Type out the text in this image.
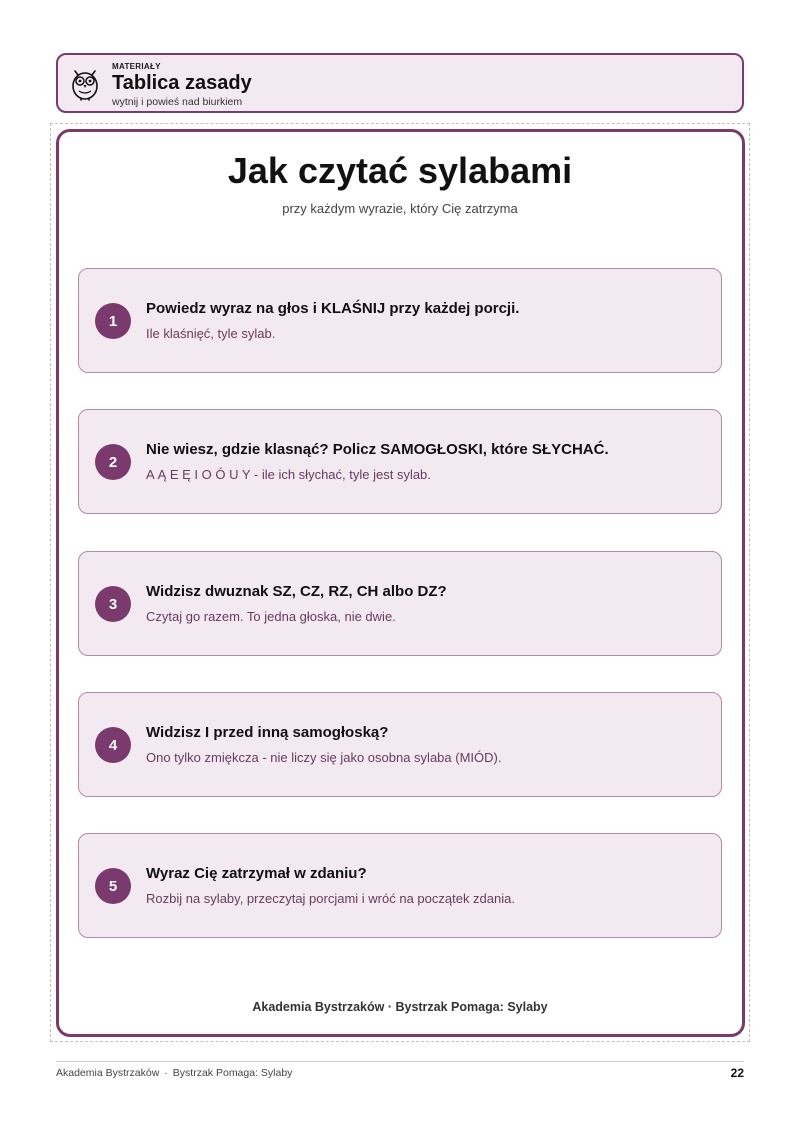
MATERIAŁY
Tablica zasady
wytnij i powieś nad biurkiem
Jak czytać sylabami
przy każdym wyrazie, który Cię zatrzyma
1
Powiedz wyraz na głos i KLAŚNIJ przy każdej porcji.
Ile klaśnięć, tyle sylab.
2
Nie wiesz, gdzie klasnąć? Policz SAMOGŁOSKI, które SŁYCHAĆ.
A Ą E Ę I O Ó U Y - ile ich słychać, tyle jest sylab.
3
Widzisz dwuznak SZ, CZ, RZ, CH albo DZ?
Czytaj go razem. To jedna głoska, nie dwie.
4
Widzisz I przed inną samogłoską?
Ono tylko zmiękcza - nie liczy się jako osobna sylaba (MIÓD).
5
Wyraz Cię zatrzymał w zdaniu?
Rozbij na sylaby, przeczytaj porcjami i wróć na początek zdania.
Akademia Bystrzaków · Bystrzak Pomaga: Sylaby
Akademia Bystrzaków · Bystrzak Pomaga: Sylaby	22
